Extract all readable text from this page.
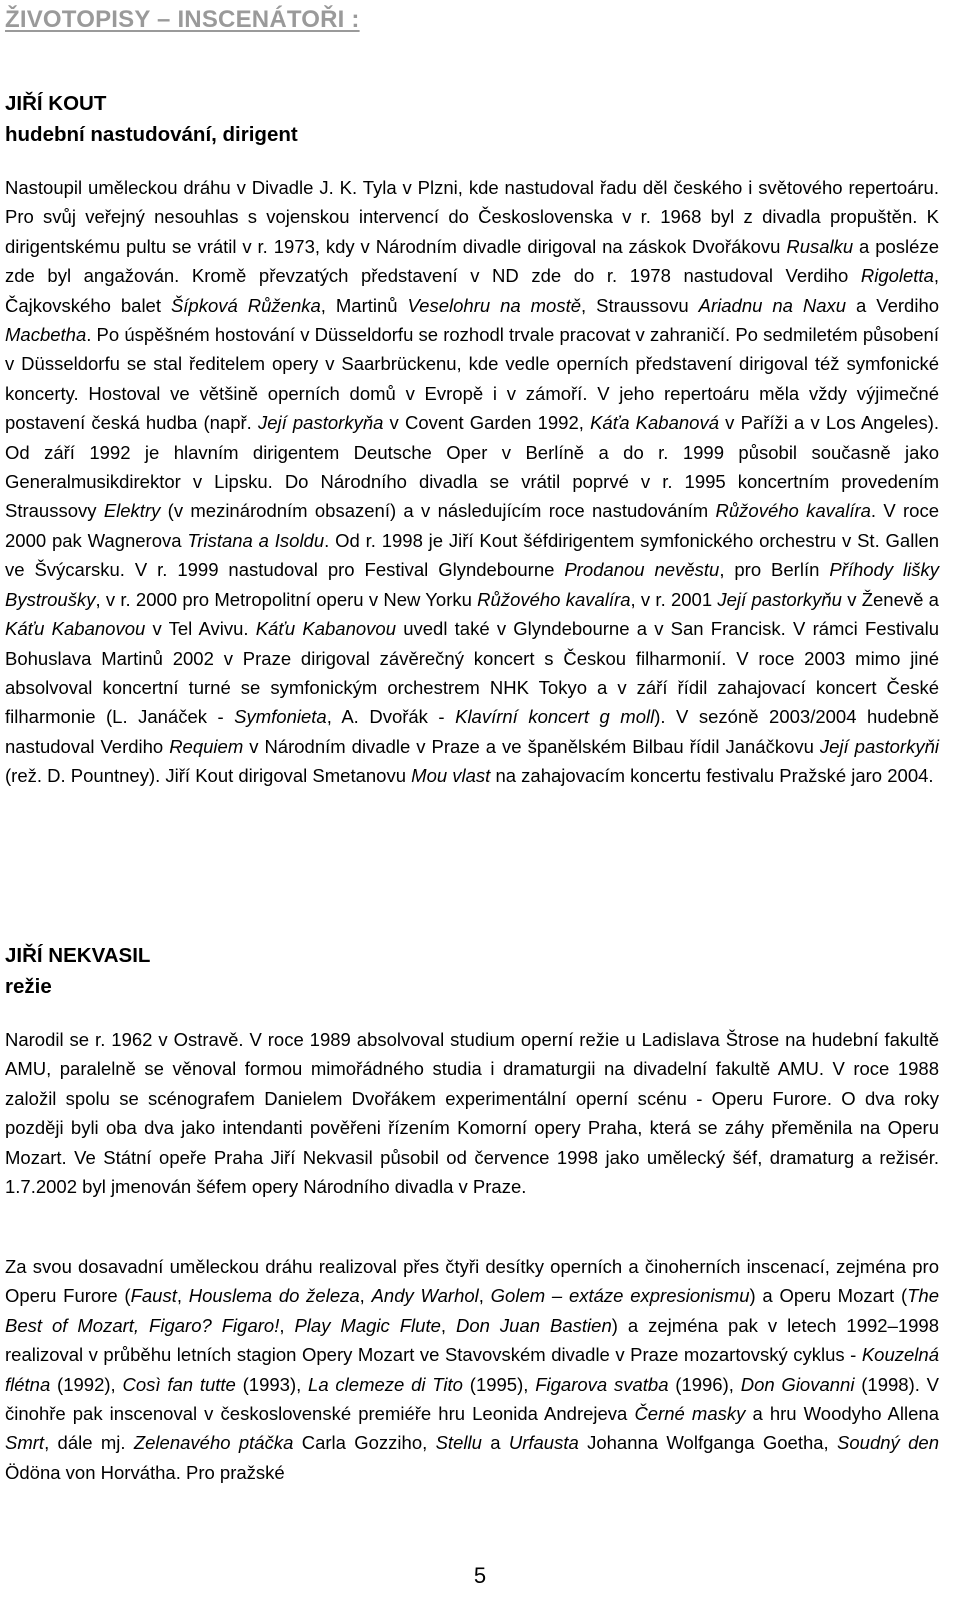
ŽIVOTOPISY – INSCENÁTOŘI :

JIŘÍ KOUT

hudební nastudování, dirigent

Nastoupil uměleckou dráhu v Divadle J. K. Tyla v Plzni, kde nastudoval řadu děl českého i světového repertoáru. Pro svůj veřejný nesouhlas s vojenskou intervencí do Československa v r. 1968 byl z divadla propuštěn. K dirigentskému pultu se vrátil v r. 1973, kdy v Národním divadle dirigoval na záskok Dvořákovu Rusalku a posléze zde byl angažován. Kromě převzatých představení v ND zde do r. 1978 nastudoval Verdiho Rigoletta, Čajkovského balet Šípková Růženka, Martinů Veselohru na mostě, Straussovu Ariadnu na Naxu a Verdiho Macbetha. Po úspěšném hostování v Düsseldorfu se rozhodl trvale pracovat v zahraničí. Po sedmiletém působení v Düsseldorfu se stal ředitelem opery v Saarbrückenu, kde vedle operních představení dirigoval též symfonické koncerty. Hostoval ve většině operních domů v Evropě i v zámoří. V jeho repertoáru měla vždy výjimečné postavení česká hudba (např. Její pastorkyňa v Covent Garden 1992, Káťa Kabanová v Paříži a v Los Angeles). Od září 1992 je hlavním dirigentem Deutsche Oper v Berlíně a do r. 1999 působil současně jako Generalmusikdirektor v Lipsku. Do Národního divadla se vrátil poprvé v r. 1995 koncertním provedením Straussovy Elektry (v mezinárodním obsazení) a v následujícím roce nastudováním Růžového kavalíra. V roce 2000 pak Wagnerova Tristana a Isoldu. Od r. 1998 je Jiří Kout šéfdirigentem symfonického orchestru v St. Gallen ve Švýcarsku. V r. 1999 nastudoval pro Festival Glyndebourne Prodanou nevěstu, pro Berlín Příhody lišky Bystroušky, v r. 2000 pro Metropolitní operu v New Yorku Růžového kavalíra, v r. 2001 Její pastorkyňu v Ženevě a Káťu Kabanovou v Tel Avivu. Káťu Kabanovou uvedl také v Glyndebourne a v San Francisk. V rámci Festivalu Bohuslava Martinů 2002 v Praze dirigoval závěrečný koncert s Českou filharmonií. V roce 2003 mimo jiné absolvoval koncertní turné se symfonickým orchestrem NHK Tokyo a v září řídil zahajovací koncert České filharmonie (L. Janáček - Symfonieta, A. Dvořák - Klavírní koncert g moll). V sezóně 2003/2004 hudebně nastudoval Verdiho Requiem v Národním divadle v Praze a ve španělském Bilbau řídil Janáčkovu Její pastorkyňi (rež. D. Pountney). Jiří Kout dirigoval Smetanovu Mou vlast na zahajovacím koncertu festivalu Pražské jaro 2004.

JIŘÍ NEKVASIL

režie

Narodil se r. 1962 v Ostravě. V roce 1989 absolvoval studium operní režie u Ladislava Štrose na hudební fakultě AMU, paralelně se věnoval formou mimořádného studia i dramaturgii na divadelní fakultě AMU. V roce 1988 založil spolu se scénografem Danielem Dvořákem experimentální operní scénu - Operu Furore. O dva roky později byli oba dva jako intendanti pověřeni řízením Komorní opery Praha, která se záhy přeměnila na Operu Mozart. Ve Státní opeře Praha Jiří Nekvasil působil od července 1998 jako umělecký šéf, dramaturg a režisér. 1.7.2002 byl jmenován šéfem opery Národního divadla v Praze.

Za svou dosavadní uměleckou dráhu realizoval přes čtyři desítky operních a činoherních inscenací, zejména pro Operu Furore (Faust, Houslema do železa, Andy Warhol, Golem – extáze expresionismu) a Operu Mozart (The Best of Mozart, Figaro? Figaro!, Play Magic Flute, Don Juan Bastien) a zejména pak v letech 1992–1998 realizoval v průběhu letních stagion Opery Mozart ve Stavovském divadle v Praze mozartovský cyklus - Kouzelná flétna (1992), Così fan tutte (1993), La clemeze di Tito (1995), Figarova svatba (1996), Don Giovanni (1998). V činohře pak inscenoval v československé premiéře hru Leonida Andrejeva Černé masky a hru Woodyho Allena Smrt, dále mj. Zelenavého ptáčka Carla Gozziho, Stellu a Urfausta Johanna Wolfganga Goetha, Soudný den Ödöna von Horvátha. Pro pražské

5
